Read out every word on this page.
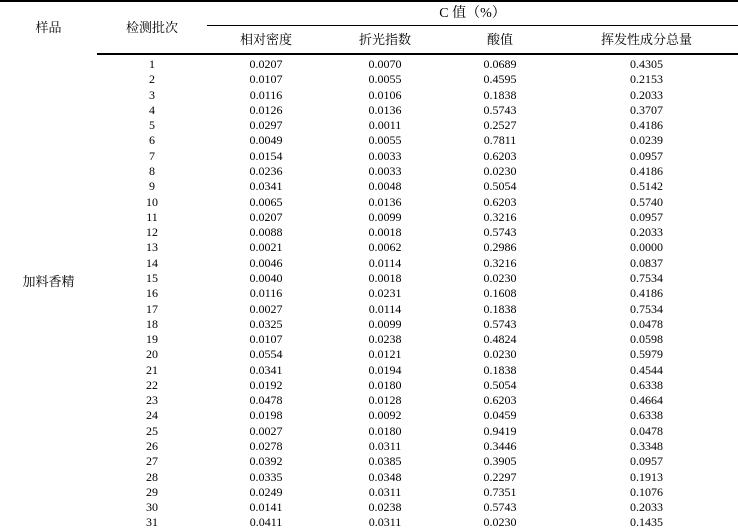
C 值（%）
样品	检测批次
相对密度	折光指数	酸值	挥发性成分总量
加料香精
1	0.0207	0.0070	0.0689	0.4305
2	0.0107	0.0055	0.4595	0.2153
3	0.0116	0.0106	0.1838	0.2033
4	0.0126	0.0136	0.5743	0.3707
5	0.0297	0.0011	0.2527	0.4186
6	0.0049	0.0055	0.7811	0.0239
7	0.0154	0.0033	0.6203	0.0957
8	0.0236	0.0033	0.0230	0.4186
9	0.0341	0.0048	0.5054	0.5142
10	0.0065	0.0136	0.6203	0.5740
11	0.0207	0.0099	0.3216	0.0957
12	0.0088	0.0018	0.5743	0.2033
13	0.0021	0.0062	0.2986	0.0000
14	0.0046	0.0114	0.3216	0.0837
15	0.0040	0.0018	0.0230	0.7534
16	0.0116	0.0231	0.1608	0.4186
17	0.0027	0.0114	0.1838	0.7534
18	0.0325	0.0099	0.5743	0.0478
19	0.0107	0.0238	0.4824	0.0598
20	0.0554	0.0121	0.0230	0.5979
21	0.0341	0.0194	0.1838	0.4544
22	0.0192	0.0180	0.5054	0.6338
23	0.0478	0.0128	0.6203	0.4664
24	0.0198	0.0092	0.0459	0.6338
25	0.0027	0.0180	0.9419	0.0478
26	0.0278	0.0311	0.3446	0.3348
27	0.0392	0.0385	0.3905	0.0957
28	0.0335	0.0348	0.2297	0.1913
29	0.0249	0.0311	0.7351	0.1076
30	0.0141	0.0238	0.5743	0.2033
31	0.0411	0.0311	0.0230	0.1435
